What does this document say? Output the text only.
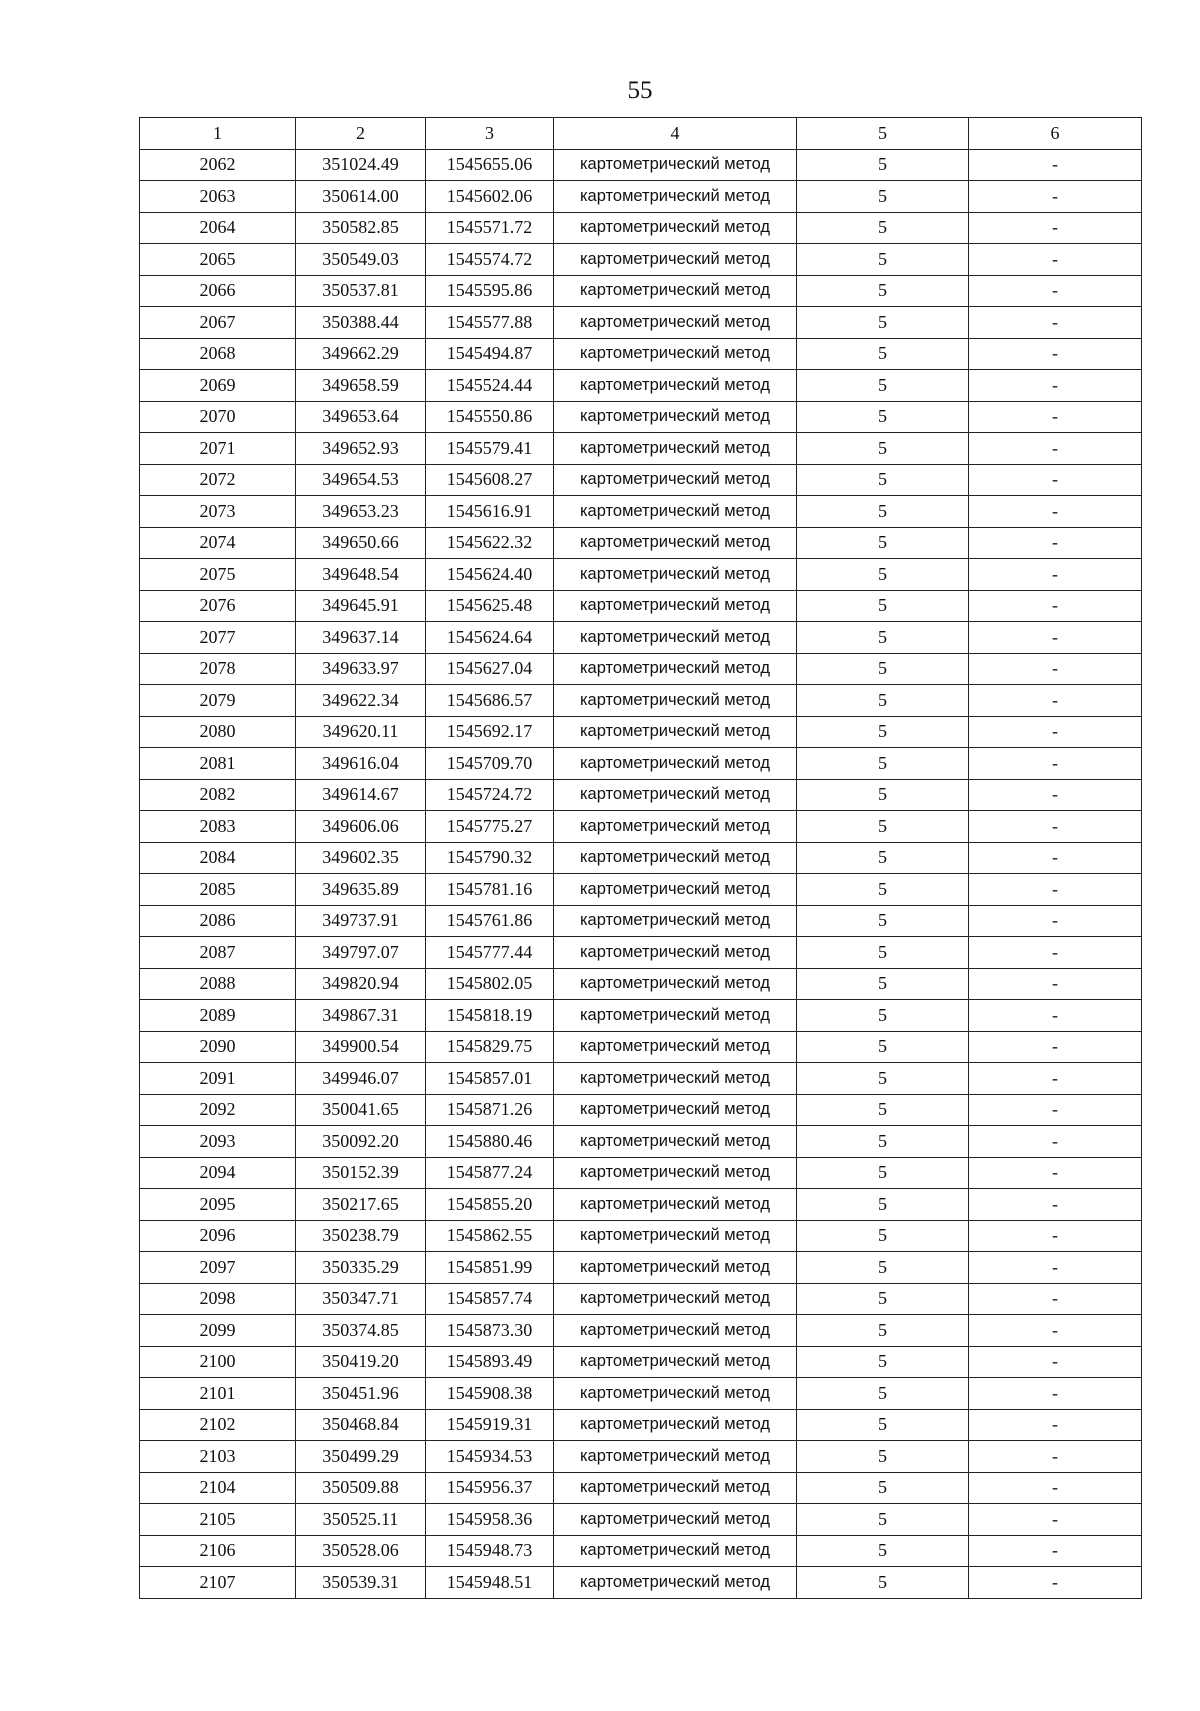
55
1	2	3	4	5	6
2062	351024.49	1545655.06	картометрический метод	5	-
2063	350614.00	1545602.06	картометрический метод	5	-
2064	350582.85	1545571.72	картометрический метод	5	-
2065	350549.03	1545574.72	картометрический метод	5	-
2066	350537.81	1545595.86	картометрический метод	5	-
2067	350388.44	1545577.88	картометрический метод	5	-
2068	349662.29	1545494.87	картометрический метод	5	-
2069	349658.59	1545524.44	картометрический метод	5	-
2070	349653.64	1545550.86	картометрический метод	5	-
2071	349652.93	1545579.41	картометрический метод	5	-
2072	349654.53	1545608.27	картометрический метод	5	-
2073	349653.23	1545616.91	картометрический метод	5	-
2074	349650.66	1545622.32	картометрический метод	5	-
2075	349648.54	1545624.40	картометрический метод	5	-
2076	349645.91	1545625.48	картометрический метод	5	-
2077	349637.14	1545624.64	картометрический метод	5	-
2078	349633.97	1545627.04	картометрический метод	5	-
2079	349622.34	1545686.57	картометрический метод	5	-
2080	349620.11	1545692.17	картометрический метод	5	-
2081	349616.04	1545709.70	картометрический метод	5	-
2082	349614.67	1545724.72	картометрический метод	5	-
2083	349606.06	1545775.27	картометрический метод	5	-
2084	349602.35	1545790.32	картометрический метод	5	-
2085	349635.89	1545781.16	картометрический метод	5	-
2086	349737.91	1545761.86	картометрический метод	5	-
2087	349797.07	1545777.44	картометрический метод	5	-
2088	349820.94	1545802.05	картометрический метод	5	-
2089	349867.31	1545818.19	картометрический метод	5	-
2090	349900.54	1545829.75	картометрический метод	5	-
2091	349946.07	1545857.01	картометрический метод	5	-
2092	350041.65	1545871.26	картометрический метод	5	-
2093	350092.20	1545880.46	картометрический метод	5	-
2094	350152.39	1545877.24	картометрический метод	5	-
2095	350217.65	1545855.20	картометрический метод	5	-
2096	350238.79	1545862.55	картометрический метод	5	-
2097	350335.29	1545851.99	картометрический метод	5	-
2098	350347.71	1545857.74	картометрический метод	5	-
2099	350374.85	1545873.30	картометрический метод	5	-
2100	350419.20	1545893.49	картометрический метод	5	-
2101	350451.96	1545908.38	картометрический метод	5	-
2102	350468.84	1545919.31	картометрический метод	5	-
2103	350499.29	1545934.53	картометрический метод	5	-
2104	350509.88	1545956.37	картометрический метод	5	-
2105	350525.11	1545958.36	картометрический метод	5	-
2106	350528.06	1545948.73	картометрический метод	5	-
2107	350539.31	1545948.51	картометрический метод	5	-
